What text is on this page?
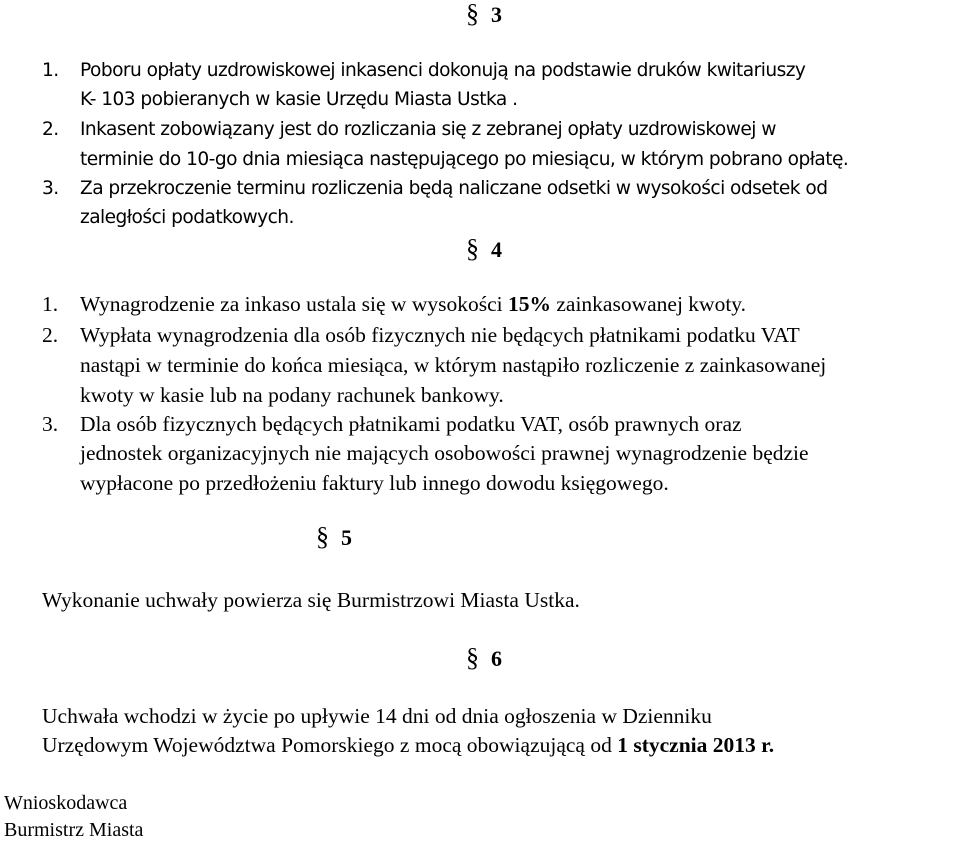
§ 3
1. Poboru opłaty uzdrowiskowej inkasenci dokonują na podstawie druków kwitariuszy
K- 103 pobieranych w kasie Urzędu Miasta Ustka .
2. Inkasent zobowiązany jest do rozliczania się z zebranej opłaty uzdrowiskowej w
terminie do 10-go dnia miesiąca następującego po miesiącu, w którym pobrano opłatę.
3. Za przekroczenie terminu rozliczenia będą naliczane odsetki w wysokości odsetek od
zaległości podatkowych.
§ 4
1. Wynagrodzenie za inkaso ustala się w wysokości 15% zainkasowanej kwoty.
2. Wypłata wynagrodzenia dla osób fizycznych nie będących płatnikami podatku VAT
nastąpi w terminie do końca miesiąca, w którym nastąpiło rozliczenie z zainkasowanej
kwoty w kasie lub na podany rachunek bankowy.
3. Dla osób fizycznych będących płatnikami podatku VAT, osób prawnych oraz
jednostek organizacyjnych nie mających osobowości prawnej wynagrodzenie będzie
wypłacone po przedłożeniu faktury lub innego dowodu księgowego.
§ 5
Wykonanie uchwały powierza się Burmistrzowi Miasta Ustka.
§ 6
Uchwała wchodzi w życie po upływie 14 dni od dnia ogłoszenia w Dzienniku
Urzędowym Województwa Pomorskiego z mocą obowiązującą od 1 stycznia 2013 r.
Wnioskodawca
Burmistrz Miasta
